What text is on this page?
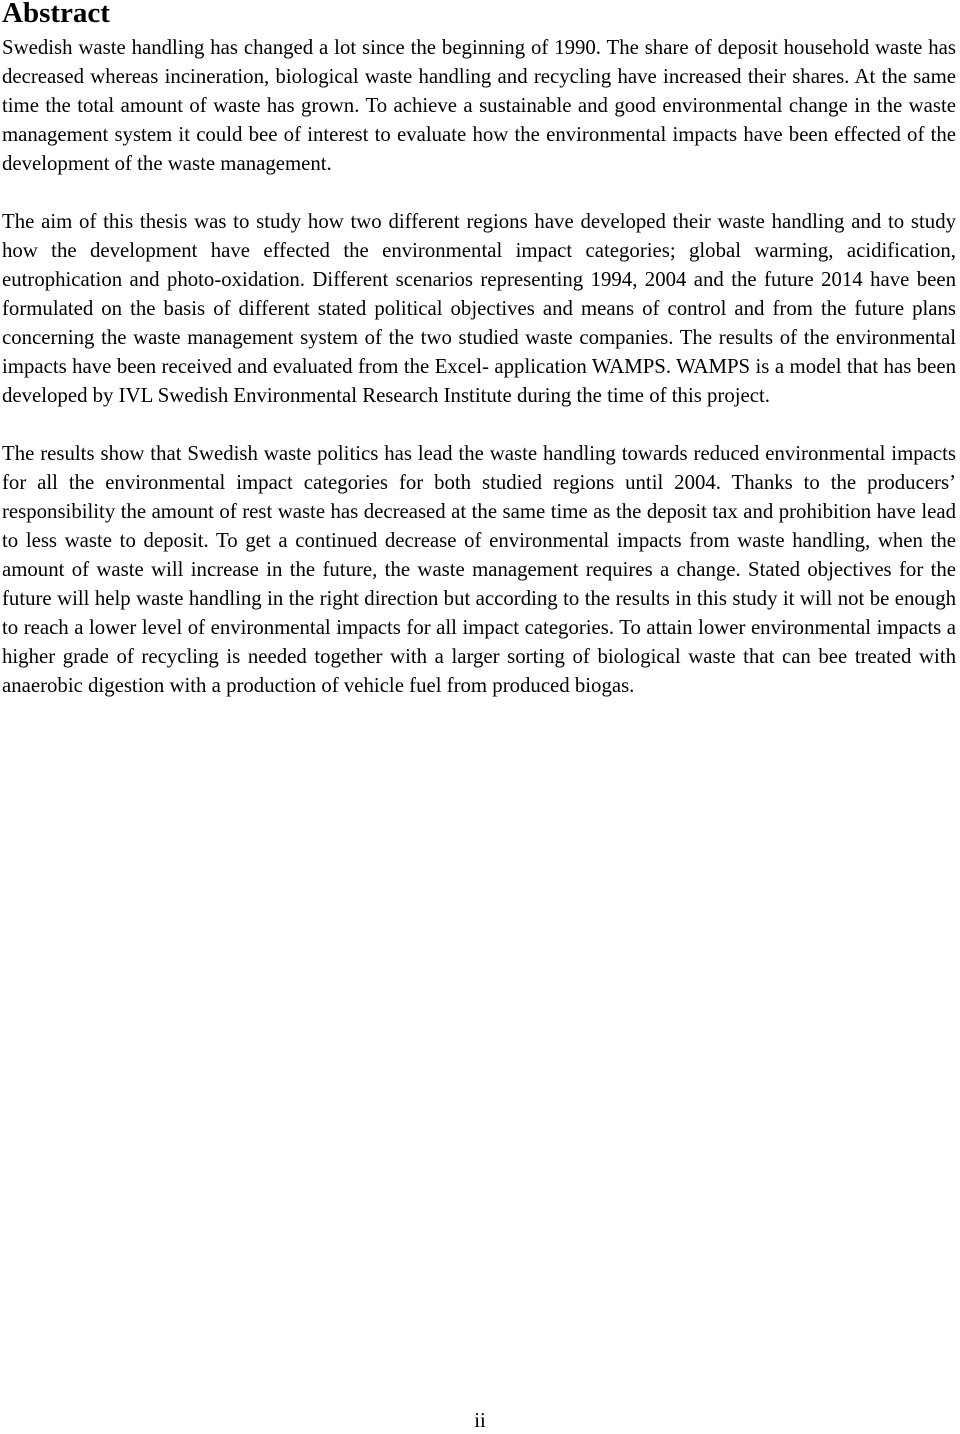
Abstract

Swedish waste handling has changed a lot since the beginning of 1990. The share of deposit household waste has decreased whereas incineration, biological waste handling and recycling have increased their shares. At the same time the total amount of waste has grown. To achieve a sustainable and good environmental change in the waste management system it could bee of interest to evaluate how the environmental impacts have been effected of the development of the waste management.

The aim of this thesis was to study how two different regions have developed their waste handling and to study how the development have effected the environmental impact categories; global warming, acidification, eutrophication and photo-oxidation. Different scenarios representing 1994, 2004 and the future 2014 have been formulated on the basis of different stated political objectives and means of control and from the future plans concerning the waste management system of the two studied waste companies. The results of the environmental impacts have been received and evaluated from the Excel- application WAMPS. WAMPS is a model that has been developed by IVL Swedish Environmental Research Institute during the time of this project.

The results show that Swedish waste politics has lead the waste handling towards reduced environmental impacts for all the environmental impact categories for both studied regions until 2004. Thanks to the producers’ responsibility the amount of rest waste has decreased at the same time as the deposit tax and prohibition have lead to less waste to deposit. To get a continued decrease of environmental impacts from waste handling, when the amount of waste will increase in the future, the waste management requires a change. Stated objectives for the future will help waste handling in the right direction but according to the results in this study it will not be enough to reach a lower level of environmental impacts for all impact categories. To attain lower environmental impacts a higher grade of recycling is needed together with a larger sorting of biological waste that can bee treated with anaerobic digestion with a production of vehicle fuel from produced biogas.

ii
